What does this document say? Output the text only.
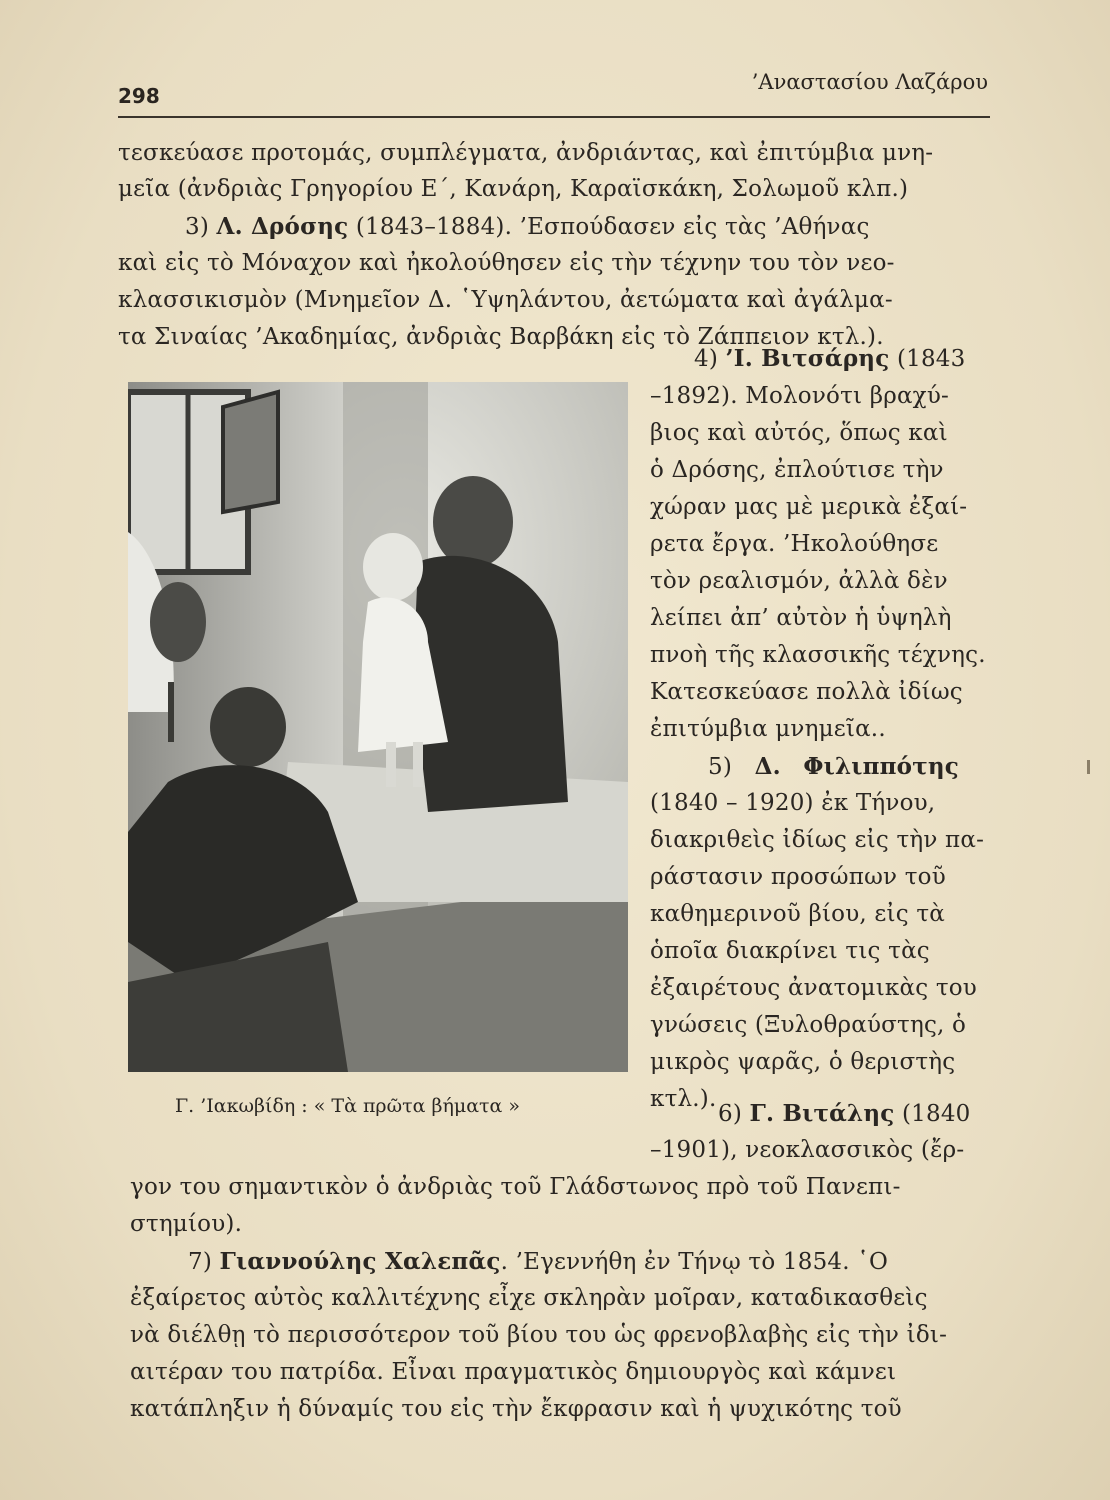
298
’Αναστασίου Λαζάρου
τεσκεύασε προτομάς, συμπλέγματα, ἀνδριάντας, καὶ ἐπιτύμβια μνη-
μεῖα (ἀνδριὰς Γρηγορίου Ε΄, Κανάρη, Καραϊσκάκη, Σολωμοῦ κλπ.)
3) Λ. Δρόσης (1843–1884). ’Εσπούδασεν εἰς τὰς ’Αθήνας
καὶ εἰς τὸ Μόναχον καὶ ἠκολούθησεν εἰς τὴν τέχνην του τὸν νεο-
κλασσικισμὸν (Μνημεῖον Δ. ῾Υψηλάντου, ἀετώματα καὶ ἀγάλμα-
τα Σιναίας ’Ακαδημίας, ἀνδριὰς Βαρβάκη εἰς τὸ Ζάππειον κτλ.).
4) ’Ι. Βιτσάρης (1843
–1892). Μολονότι βραχύ-
βιος καὶ αὐτός, ὅπως καὶ
ὁ Δρόσης, ἐπλούτισε τὴν
χώραν μας μὲ μερικὰ ἐξαί-
ρετα ἔργα. ’Ηκολούθησε
τὸν ρεαλισμόν, ἀλλὰ δὲν
λείπει ἀπ’ αὐτὸν ἡ ὑψηλὴ
πνοὴ τῆς κλασσικῆς τέχνης.
Κατεσκεύασε πολλὰ ἰδίως
ἐπιτύμβια μνημεῖα..
5) Δ. Φιλιππότης
(1840 – 1920) ἐκ Τήνου,
διακριθεὶς ἰδίως εἰς τὴν πα-
ράστασιν προσώπων τοῦ
καθημερινοῦ βίου, εἰς τὰ
ὁποῖα διακρίνει τις τὰς
ἐξαιρέτους ἀνατομικὰς του
γνώσεις (Ξυλοθραύστης, ὁ
μικρὸς ψαρᾶς, ὁ θεριστὴς
κτλ.).
Γ. ’Ιακωβίδη : « Τὰ πρῶτα βήματα »	6) Γ. Βιτάλης (1840
–1901), νεοκλασσικὸς (ἔρ-
γον του σημαντικὸν ὁ ἀνδριὰς τοῦ Γλάδστωνος πρὸ τοῦ Πανεπι-
στημίου).
7) Γιαννούλης Χαλεπᾶς. ’Εγεννήθη ἐν Τήνῳ τὸ 1854. ῾Ο
ἐξαίρετος αὐτὸς καλλιτέχνης εἶχε σκληρὰν μοῖραν, καταδικασθεὶς
νὰ διέλθῃ τὸ περισσότερον τοῦ βίου του ὡς φρενοβλαβὴς εἰς τὴν ἰδι-
αιτέραν του πατρίδα. Εἶναι πραγματικὸς δημιουργὸς καὶ κάμνει
κατάπληξιν ἡ δύναμίς του εἰς τὴν ἔκφρασιν καὶ ἡ ψυχικότης τοῦ
